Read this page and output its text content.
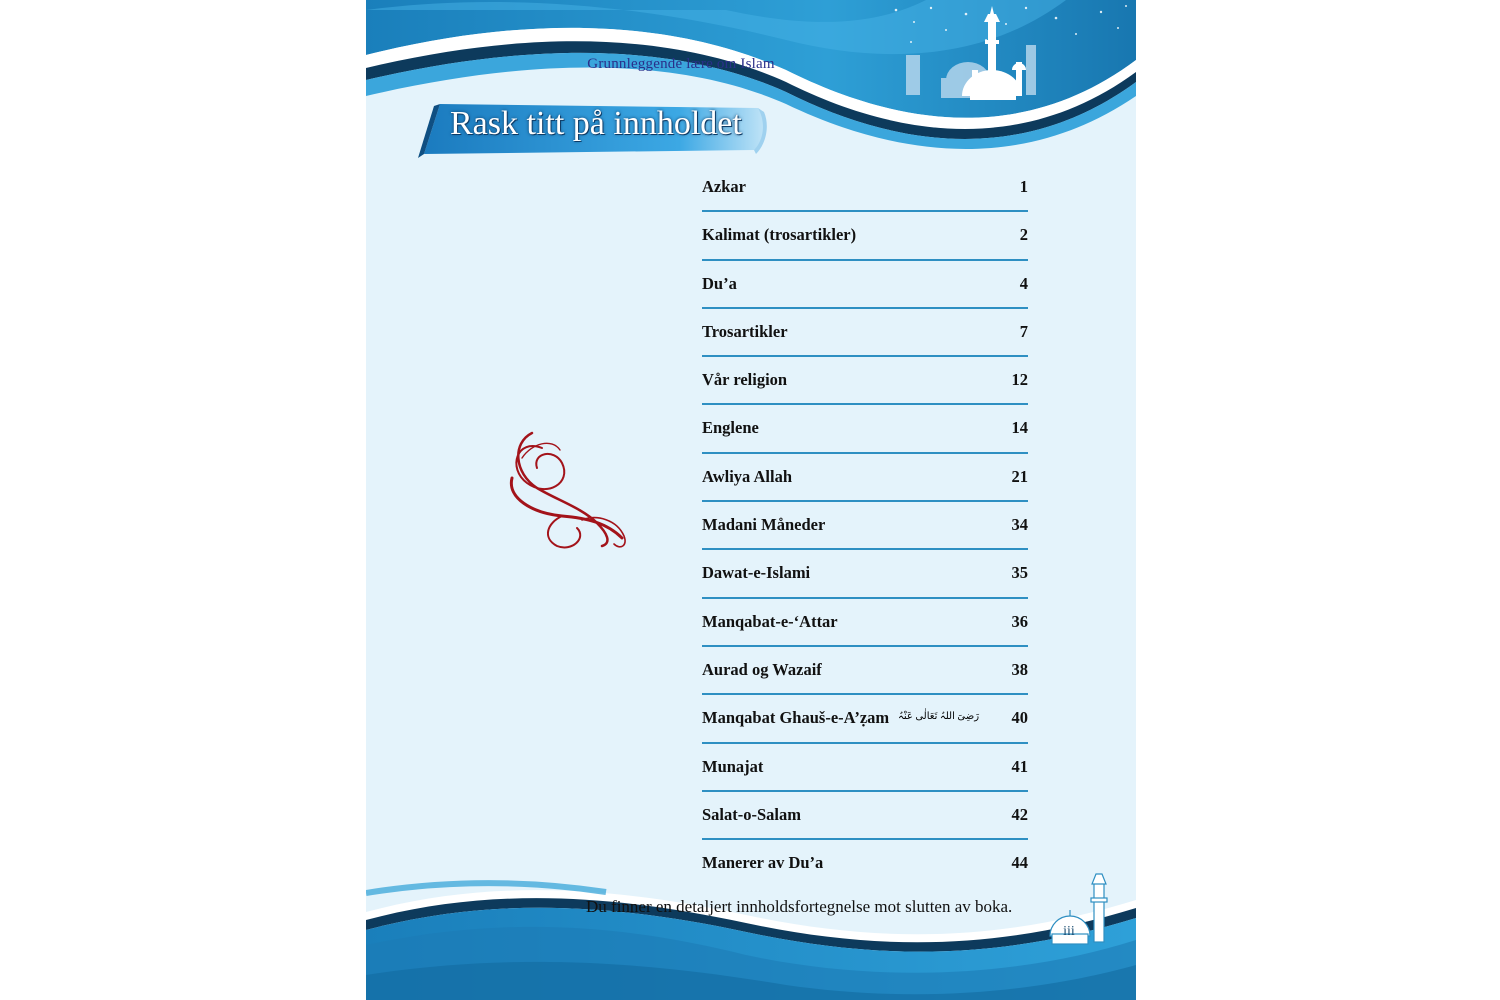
Grunnleggende lære om Islam
Rask titt på innholdet
Azkar	1
Kalimat (trosartikler)	2
Du’a	4
Trosartikler	7
Vår religion	12
Englene	14
Awliya Allah	21
Madani Måneder	34
Dawat-e-Islami	35
Manqabat-e-‘Attar	36
Aurad og Wazaif	38
Manqabat Ghauš-e-A’ẓam رَضِیَ اللہُ تَعَالٰی عَنْہُ 40
Munajat	41
Salat-o-Salam	42
Manerer av Du’a	44
Du finner en detaljert innholdsfortegnelse mot slutten av boka.
iii
